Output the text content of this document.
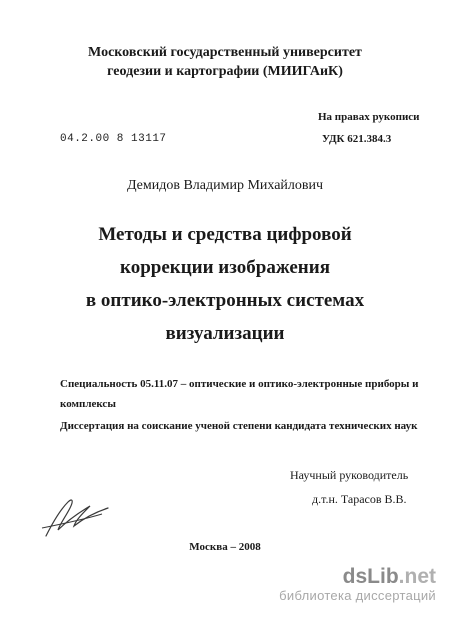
Московский государственный университет
геодезии и картографии (МИИГАиК)
На правах рукописи
04.2.00 8 13117	УДК 621.384.3
Демидов Владимир Михайлович
Методы и средства цифровой
коррекции изображения
в оптико-электронных системах
визуализации
Специальность 05.11.07 – оптические и оптико-электронные приборы и
комплексы
Диссертация на соискание ученой степени кандидата технических наук
Научный руководитель
д.т.н. Тарасов В.В.
Москва – 2008
dsLib.net
библиотека диссертаций
